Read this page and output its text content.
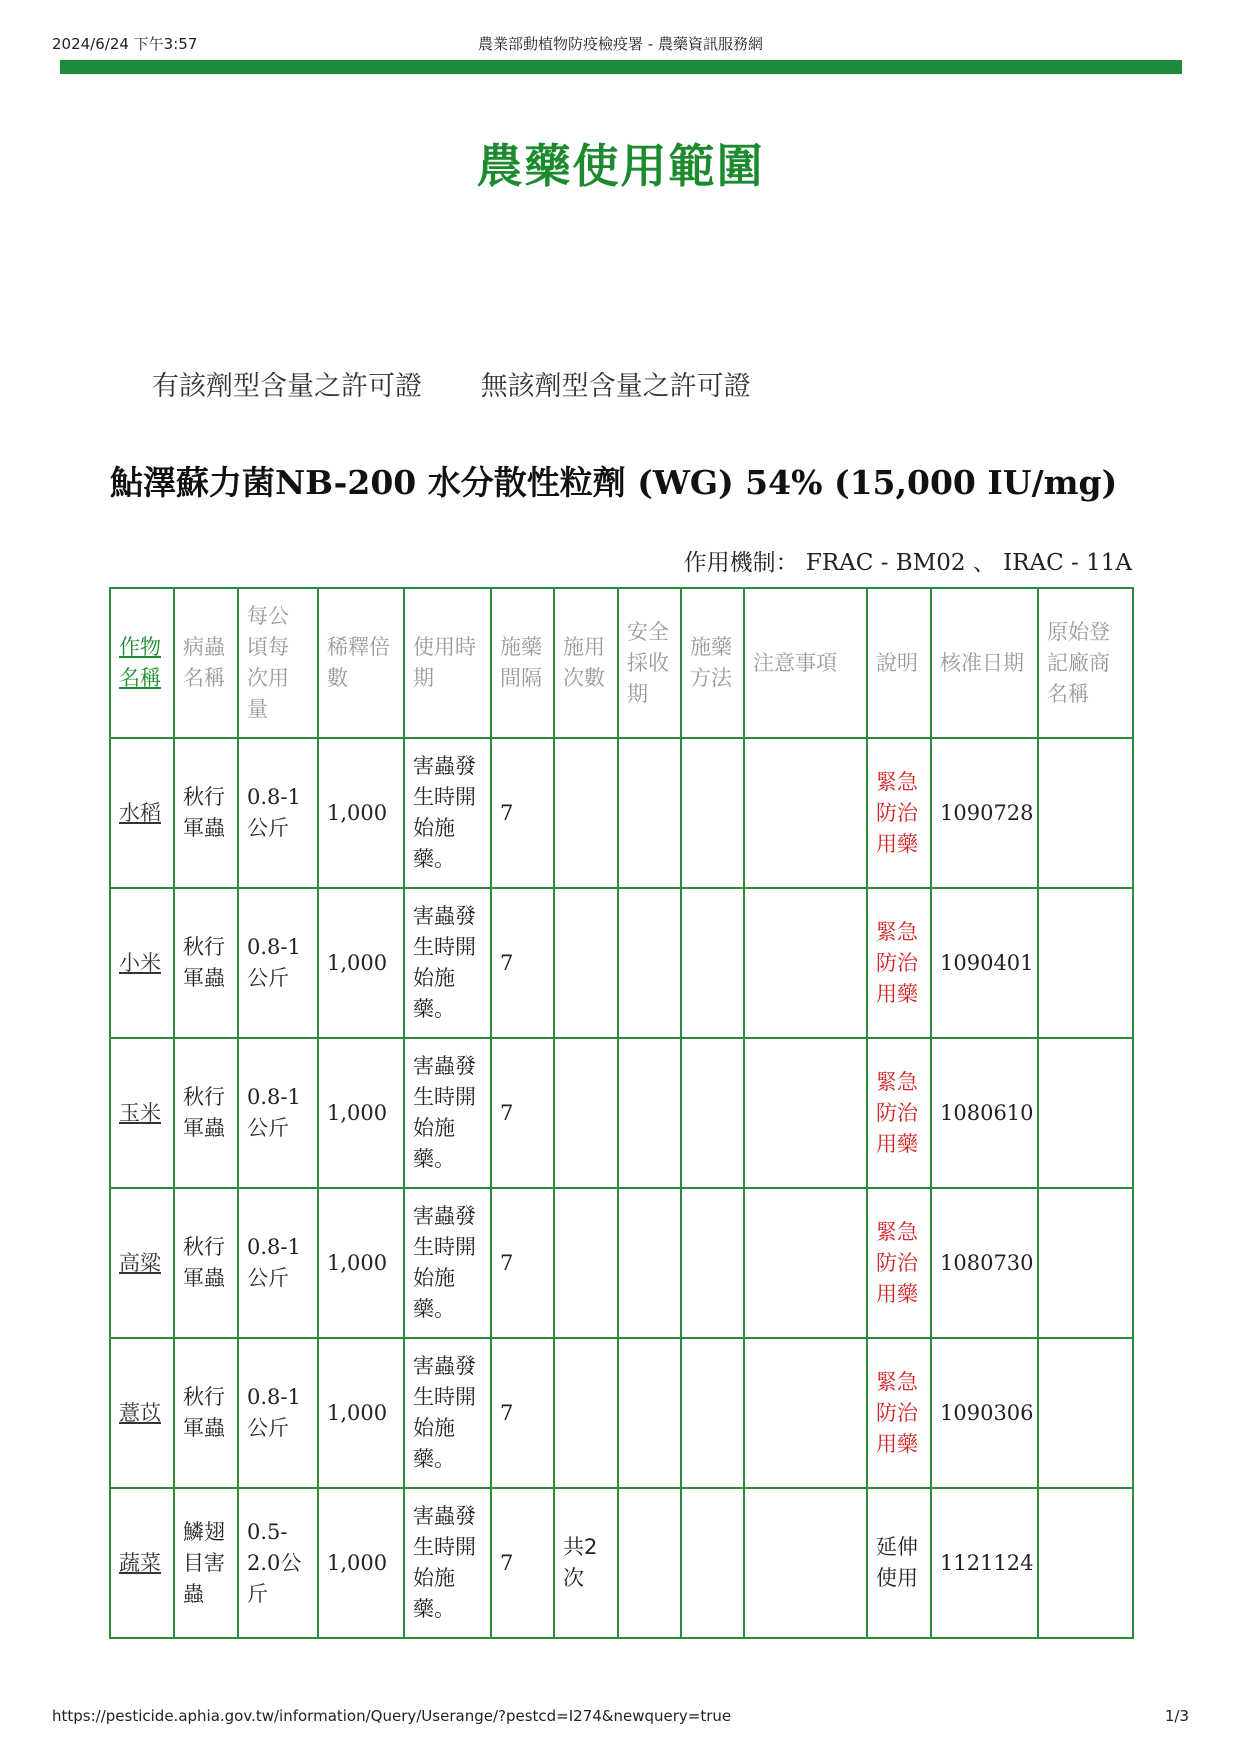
2024/6/24 下午3:57	農業部動植物防疫檢疫署 - 農藥資訊服務網
農藥使用範圍
有該劑型含量之許可證 無該劑型含量之許可證
鮎澤蘇力菌NB-200 水分散性粒劑 (WG) 54% (15,000 IU/mg)
作用機制： FRAC - BM02 、 IRAC - 11A
作物名稱	病蟲名稱	每公頃每次用量	稀釋倍數	使用時期	施藥間隔	施用次數	安全採收期	施藥方法	注意事項	說明	核准日期	原始登記廠商名稱
水稻	秋行軍蟲	0.8-1公斤	1,000	害蟲發生時開始施藥。	7					緊急防治用藥	1090728	
小米	秋行軍蟲	0.8-1公斤	1,000	害蟲發生時開始施藥。	7					緊急防治用藥	1090401	
玉米	秋行軍蟲	0.8-1公斤	1,000	害蟲發生時開始施藥。	7					緊急防治用藥	1080610	
高粱	秋行軍蟲	0.8-1公斤	1,000	害蟲發生時開始施藥。	7					緊急防治用藥	1080730	
薏苡	秋行軍蟲	0.8-1公斤	1,000	害蟲發生時開始施藥。	7					緊急防治用藥	1090306	
蔬菜	鱗翅目害蟲	0.5-2.0公斤	1,000	害蟲發生時開始施藥。	7	共2次				延伸使用	1121124	
https://pesticide.aphia.gov.tw/information/Query/Userange/?pestcd=I274&newquery=true	1/3
